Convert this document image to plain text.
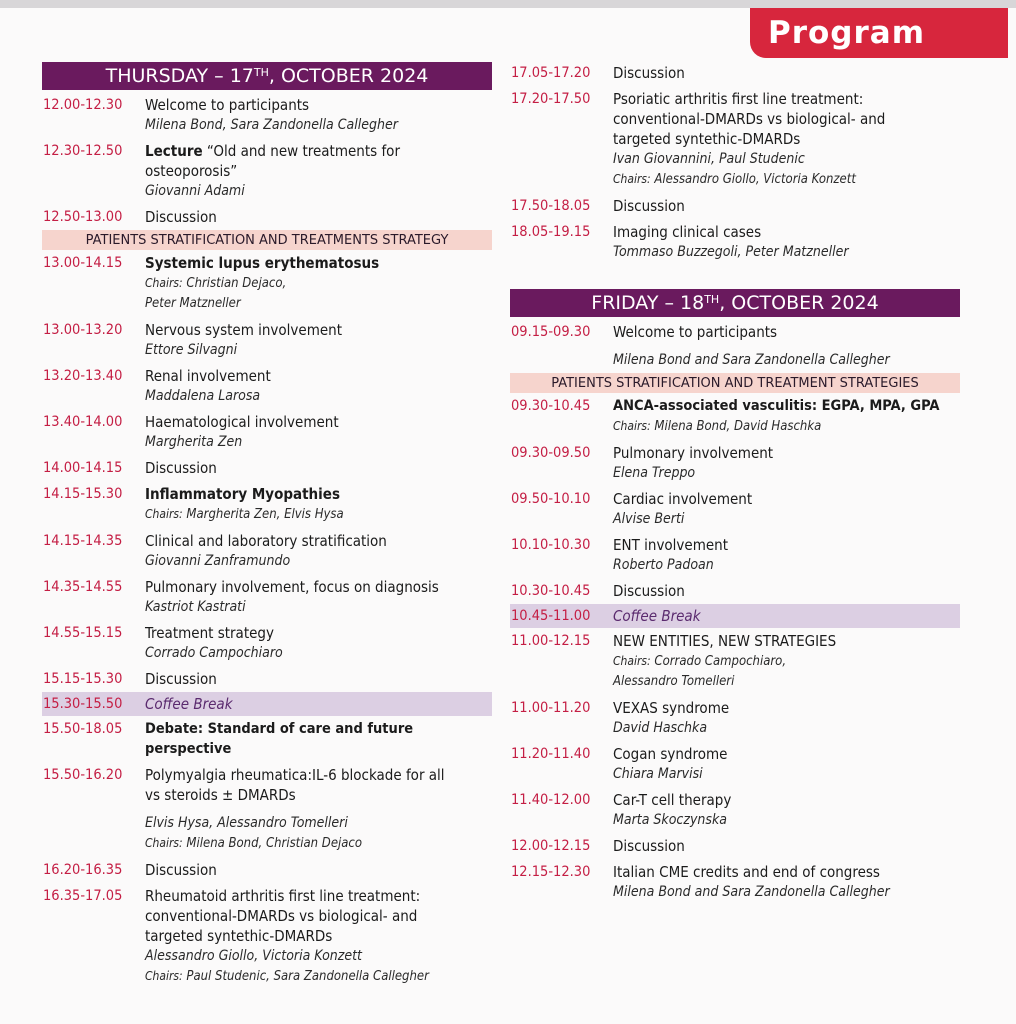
Program
THURSDAY – 17TH , OCTOBER 2024
12.00-12.30	Welcome to participants
Milena Bond, Sara Zandonella Callegher
12.30-12.50	Lecture “Old and new treatments for osteoporosis”
Giovanni Adami
12.50-13.00	Discussion
PATIENTS STRATIFICATION AND TREATMENTS STRATEGY
13.00-14.15	Systemic lupus erythematosus
Chairs: Christian Dejaco,
Peter Matzneller
13.00-13.20	Nervous system involvement
Ettore Silvagni
13.20-13.40	Renal involvement
Maddalena Larosa
13.40-14.00	Haematological involvement
Margherita Zen
14.00-14.15	Discussion
14.15-15.30	Inflammatory Myopathies
Chairs: Margherita Zen, Elvis Hysa
14.15-14.35	Clinical and laboratory stratification
Giovanni Zanframundo
14.35-14.55	Pulmonary involvement, focus on diagnosis
Kastriot Kastrati
14.55-15.15	Treatment strategy
Corrado Campochiaro
15.15-15.30	Discussion
15.30-15.50	Coffee Break
15.50-18.05	Debate: Standard of care and future perspective
15.50-16.20	Polymyalgia rheumatica:IL-6 blockade for all
vs steroids ± DMARDs
Elvis Hysa, Alessandro Tomelleri
Chairs: Milena Bond, Christian Dejaco
16.20-16.35	Discussion
16.35-17.05	Rheumatoid arthritis first line treatment:
conventional-DMARDs vs biological- and
targeted syntethic-DMARDs
Alessandro Giollo, Victoria Konzett
Chairs: Paul Studenic, Sara Zandonella Callegher
17.05-17.20	Discussion
17.20-17.50	Psoriatic arthritis first line treatment:
conventional-DMARDs vs biological- and
targeted syntethic-DMARDs
Ivan Giovannini, Paul Studenic
Chairs: Alessandro Giollo, Victoria Konzett
17.50-18.05	Discussion
18.05-19.15	Imaging clinical cases
Tommaso Buzzegoli, Peter Matzneller
FRIDAY – 18TH , OCTOBER 2024
09.15-09.30	Welcome to participants
Milena Bond and Sara Zandonella Callegher
PATIENTS STRATIFICATION AND TREATMENT STRATEGIES
09.30-10.45	ANCA-associated vasculitis: EGPA, MPA, GPA
Chairs: Milena Bond, David Haschka
09.30-09.50	Pulmonary involvement
Elena Treppo
09.50-10.10	Cardiac involvement
Alvise Berti
10.10-10.30	ENT involvement
Roberto Padoan
10.30-10.45	Discussion
10.45-11.00	Coffee Break
11.00-12.15	NEW ENTITIES, NEW STRATEGIES
Chairs: Corrado Campochiaro,
Alessandro Tomelleri
11.00-11.20	VEXAS syndrome
David Haschka
11.20-11.40	Cogan syndrome
Chiara Marvisi
11.40-12.00	Car-T cell therapy
Marta Skoczynska
12.00-12.15	Discussion
12.15-12.30	Italian CME credits and end of congress
Milena Bond and Sara Zandonella Callegher
